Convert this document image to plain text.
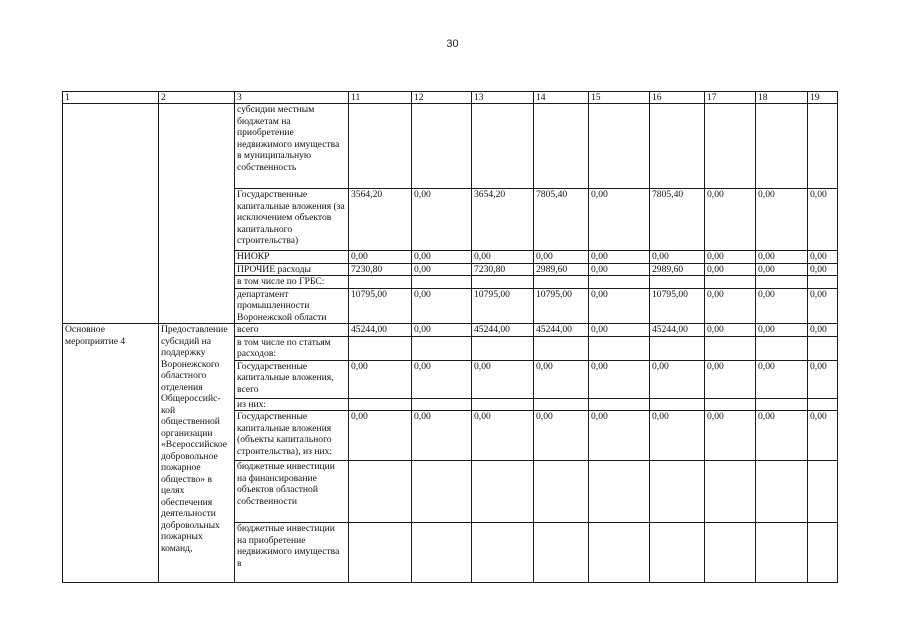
30
1	2	3	11	12	13	14	15	16	17	18	19
		субсидии местным бюджетам на приобретение недвижимого имущества в муниципальную собственность									
		Государственные капитальные вложения (за исключением объектов капитального строительства)	3564,20	0,00	3654,20	7805,40	0,00	7805,40	0,00	0,00	0,00
		НИОКР	0,00	0,00	0,00	0,00	0,00	0,00	0,00	0,00	0,00
		ПРОЧИЕ расходы	7230,80	0,00	7230,80	2989,60	0,00	2989,60	0,00	0,00	0,00
		в том числе по ГРБС:									
		департамент промышленности Воронежской области	10795,00	0,00	10795,00	10795,00	0,00	10795,00	0,00	0,00	0,00
Основное мероприятие 4	Предоставление субсидий на поддержку Воронежского областного отделения Общероссийс-кой общественной организации «Всероссийское добровольное пожарное общество» в целях обеспечения деятельности добровольных пожарных команд,	всего	45244,00	0,00	45244,00	45244,00	0,00	45244,00	0,00	0,00	0,00
		в том числе по статьям расходов:									
		Государственные капитальные вложения, всего	0,00	0,00	0,00	0,00	0,00	0,00	0,00	0,00	0,00
		из них:									
		Государственные капитальные вложения (объекты капитального строительства), из них:	0,00	0,00	0,00	0,00	0,00	0,00	0,00	0,00	0,00
		бюджетные инвестиции на финансирование объектов областной собственности									
		бюджетные инвестиции на приобретение недвижимого имущества в									
